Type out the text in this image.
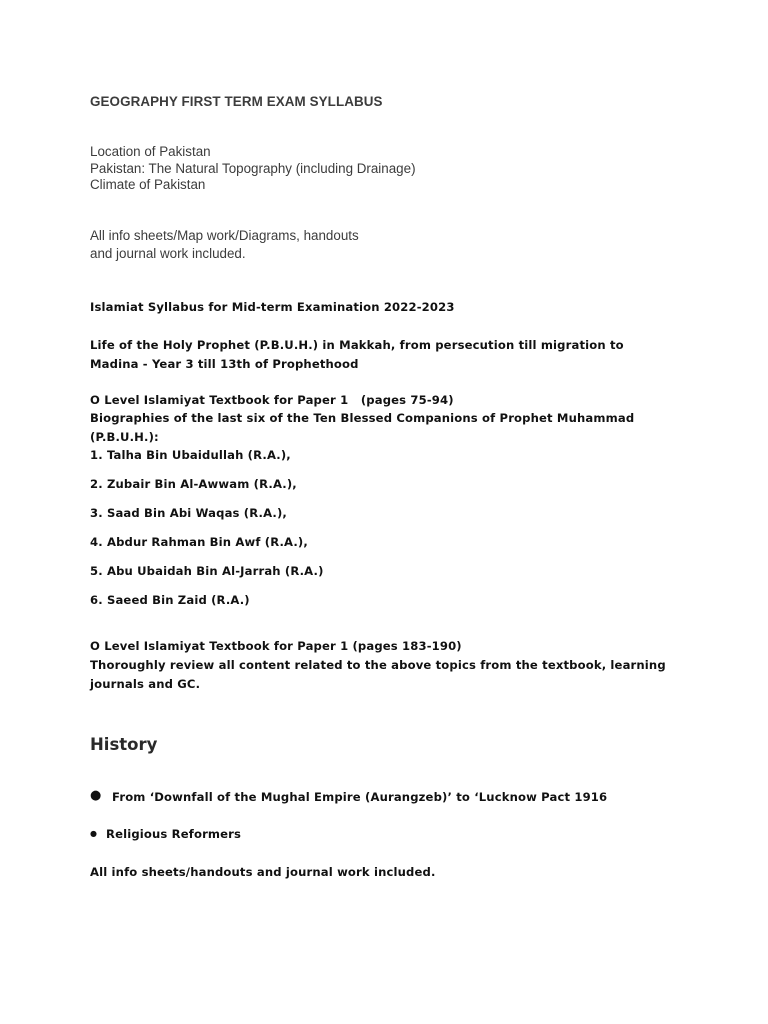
GEOGRAPHY FIRST TERM EXAM SYLLABUS
Location of Pakistan
Pakistan: The Natural Topography (including Drainage)
Climate of Pakistan
All info sheets/Map work/Diagrams, handouts
and journal work included.
Islamiat Syllabus for Mid-term Examination 2022-2023
Life of the Holy Prophet (P.B.U.H.) in Makkah, from persecution till migration to
Madina - Year 3 till 13th of Prophethood
O Level Islamiyat Textbook for Paper 1   (pages 75-94)
Biographies of the last six of the Ten Blessed Companions of Prophet Muhammad
(P.B.U.H.):
1. Talha Bin Ubaidullah (R.A.),
2. Zubair Bin Al-Awwam (R.A.),
3. Saad Bin Abi Waqas (R.A.),
4. Abdur Rahman Bin Awf (R.A.),
5. Abu Ubaidah Bin Al-Jarrah (R.A.)
6. Saeed Bin Zaid (R.A.)
O Level Islamiyat Textbook for Paper 1 (pages 183-190)
Thoroughly review all content related to the above topics from the textbook, learning
journals and GC.
History
● From ‘Downfall of the Mughal Empire (Aurangzeb)’ to ‘Lucknow Pact 1916
● Religious Reformers
All info sheets/handouts and journal work included.
